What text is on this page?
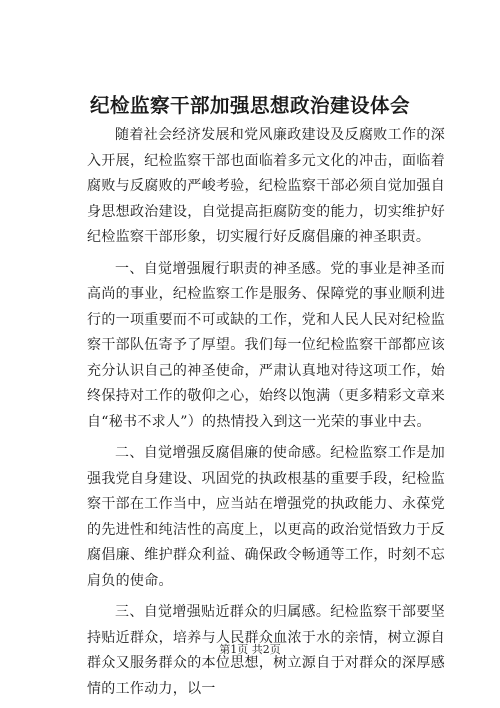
纪检监察干部加强思想政治建设体会

随着社会经济发展和党风廉政建设及反腐败工作的深入开展，纪检监察干部也面临着多元文化的冲击，面临着腐败与反腐败的严峻考验，纪检监察干部必须自觉加强自身思想政治建设，自觉提高拒腐防变的能力，切实维护好纪检监察干部形象，切实履行好反腐倡廉的神圣职责。

一、自觉增强履行职责的神圣感。党的事业是神圣而高尚的事业，纪检监察工作是服务、保障党的事业顺利进行的一项重要而不可或缺的工作，党和人民人民对纪检监察干部队伍寄予了厚望。我们每一位纪检监察干部都应该充分认识自己的神圣使命，严肃认真地对待这项工作，始终保持对工作的敬仰之心，始终以饱满（更多精彩文章来自“秘书不求人”）的热情投入到这一光荣的事业中去。

二、自觉增强反腐倡廉的使命感。纪检监察工作是加强我党自身建设、巩固党的执政根基的重要手段，纪检监察干部在工作当中，应当站在增强党的执政能力、永葆党的先进性和纯洁性的高度上，以更高的政治觉悟致力于反腐倡廉、维护群众利益、确保政令畅通等工作，时刻不忘肩负的使命。

三、自觉增强贴近群众的归属感。纪检监察干部要坚持贴近群众，培养与人民群众血浓于水的亲情，树立源自群众又服务群众的本位思想，树立源自于对群众的深厚感情的工作动力，以一

第1页 共2页
